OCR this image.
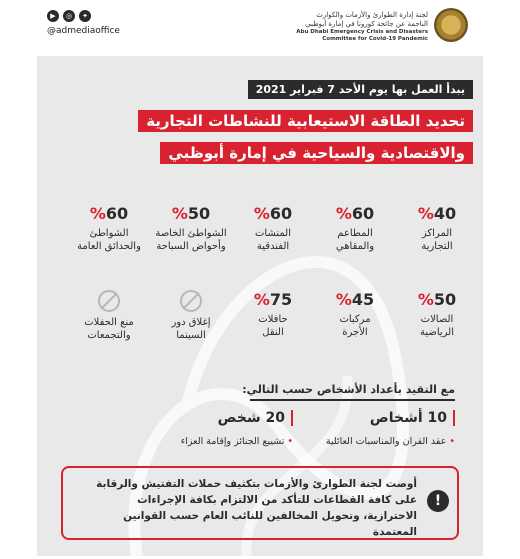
▶	◎	✦
@admediaoffice
لجنة إدارة الطوارئ والأزمات والكوارث
الناجمة عن جائحة كورونا في إمارة أبوظبي
Abu Dhabi Emergency Crisis and Disasters
Committee for Covid-19 Pandemic
يبدأ العمل بها يوم الأحد 7 فبراير 2021
تحديد الطاقة الاستيعابية للنشاطات التجارية
والاقتصادية والسياحية في إمارة أبوظبي
%40
المراكز
التجارية
%60
المطاعم
والمقاهي
%60
المنشات
الفندقية
%50
الشواطئ الخاصة
وأحواض السباحة
%60
الشواطئ
والحدائق العامة
%50
الصالات
الرياضية
%45
مركبات
الأجرة
%75
حافلات
النقل
إغلاق دور
السينما
منع الحفلات
والتجمعات
مع التقيد بأعداد الأشخاص حسب التالي:
10 أشخاص
• عقد القران والمناسبات العائلية
20 شخص
• تشييع الجنائز وإقامة العزاء
!
أوصت لجنة الطوارئ والأزمات بتكثيف حملات التفتيش والرقابة على كافة القطاعات للتأكد من الالتزام بكافة الإجراءات الاحترازية، وتحويل المخالفين للنائب العام حسب القوانين المعتمدة
